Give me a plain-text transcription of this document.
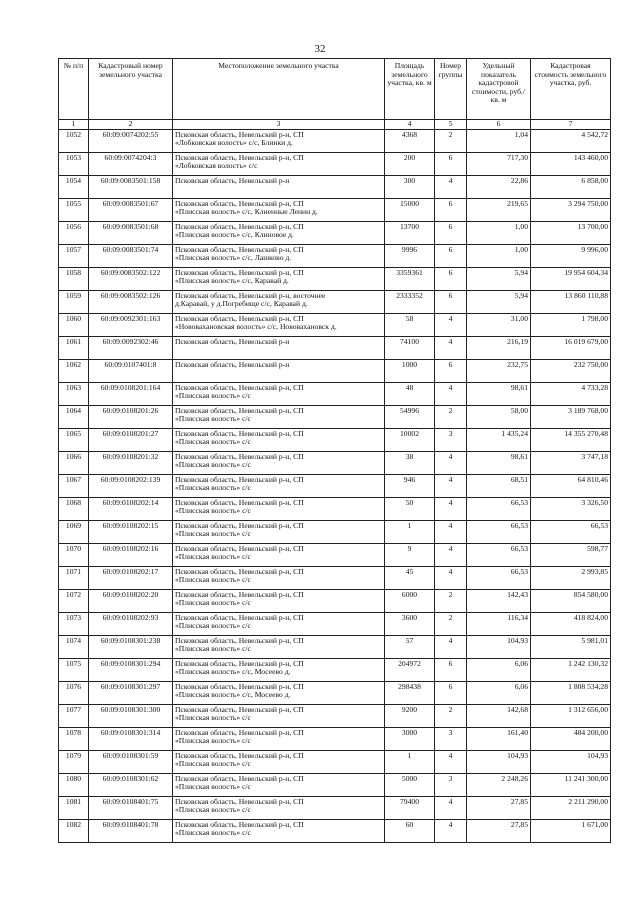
32
№ п/п	Кадастровый номер земельного участка	Местоположение земельного участка	Площадь земельного участка, кв. м	Номер группы	Удельный показатель кадастровой стоимости, руб./кв. м	Кадастровая стоимость земельного участка, руб.
1	2	3	4	5	6	7
1052	60:09:0074202:55	Псковская область, Невельский р-н, СП
«Лобковская волость» с/с, Блинки д.	4368	2	1,04	4 542,72
1053	60:09:0074204:3	Псковская область, Невельский р-н, СП
«Лобковская волость» с/с	200	6	717,30	143 460,00
1054	60:09:0083501:158	Псковская область, Невельский р-н	300	4	22,86	6 858,00
1055	60:09:0083501:67	Псковская область, Невельский р-н, СП
«Плисская волость» с/с, Клиенные Ленин д.	15000	6	219,65	3 294 750,00
1056	60:09:0083501:68	Псковская область, Невельский р-н, СП
«Плисская волость» с/с, Клиновое д.	13700	6	1,00	13 700,00
1057	60:09:0083501:74	Псковская область, Невельский р-н, СП
«Плисская волость» с/с, Лашково д.	9996	6	1,00	9 996,00
1058	60:09:0083502:122	Псковская область, Невельский р-н, СП
«Плисская волость» с/с, Каравай д.	3359361	6	5,94	19 954 604,34
1059	60:09:0083502:126	Псковская область, Невельский р-н, восточнее
д.Каравай, у д.Погребище с/с, Каравай д.	2333352	6	5,94	13 860 110,88
1060	60:09:0092301:163	Псковская область, Невельский р-н, СП
«Нововахановская волость» с/с, Нововахановск д.	58	4	31,00	1 798,00
1061	60:09:0092302:46	Псковская область, Невельский р-н	74100	4	216,19	16 019 679,00
1062	60:09:0107401:8	Псковская область, Невельский р-н	1000	6	232,75	232 750,00
1063	60:09:0108201:164	Псковская область, Невельский р-н, СП
«Плисская волость» с/с	48	4	98,61	4 733,28
1064	60:09:0108201:26	Псковская область, Невельский р-н, СП
«Плисская волость» с/с	54996	2	58,00	3 189 768,00
1065	60:09:0108201:27	Псковская область, Невельский р-н, СП
«Плисская волость» с/с	10002	3	1 435,24	14 355 270,48
1066	60:09:0108201:32	Псковская область, Невельский р-н, СП
«Плисская волость» с/с	38	4	98,61	3 747,18
1067	60:09:0108202:139	Псковская область, Невельский р-н, СП
«Плисская волость» с/с	946	4	68,51	64 810,46
1068	60:09:0108202:14	Псковская область, Невельский р-н, СП
«Плисская волость» с/с	50	4	66,53	3 326,50
1069	60:09:0108202:15	Псковская область, Невельский р-н, СП
«Плисская волость» с/с	1	4	66,53	66,53
1070	60:09:0108202:16	Псковская область, Невельский р-н, СП
«Плисская волость» с/с	9	4	66,53	598,77
1071	60:09:0108202:17	Псковская область, Невельский р-н, СП
«Плисская волость» с/с	45	4	66,53	2 993,85
1072	60:09:0108202:20	Псковская область, Невельский р-н, СП
«Плисская волость» с/с	6000	2	142,43	854 580,00
1073	60:09:0108202:93	Псковская область, Невельский р-н, СП
«Плисская волость» с/с	3600	2	116,34	418 824,00
1074	60:09:0108301:238	Псковская область, Невельский р-н, СП
«Плисская волость» с/с	57	4	104,93	5 981,01
1075	60:09:0108301:294	Псковская область, Невельский р-н, СП
«Плисская волость» с/с, Мосеево д.	204972	6	6,06	1 242 130,32
1076	60:09:0108301:297	Псковская область, Невельский р-н, СП
«Плисская волость» с/с, Мосеево д.	298438	6	6,06	1 808 534,28
1077	60:09:0108301:300	Псковская область, Невельский р-н, СП
«Плисская волость» с/с	9200	2	142,68	1 312 656,00
1078	60:09:0108301:314	Псковская область, Невельский р-н, СП
«Плисская волость» с/с	3000	3	161,40	484 200,00
1079	60:09:0108301:59	Псковская область, Невельский р-н, СП
«Плисская волость» с/с	1	4	104,93	104,93
1080	60:09:0108301:62	Псковская область, Невельский р-н, СП
«Плисская волость» с/с	5000	3	2 248,26	11 241 300,00
1081	60:09:0108401:75	Псковская область, Невельский р-н, СП
«Плисская волость» с/с	79400	4	27,85	2 211 290,00
1082	60:09:0108401:78	Псковская область, Невельский р-н, СП
«Плисская волость» с/с	60	4	27,85	1 671,00
